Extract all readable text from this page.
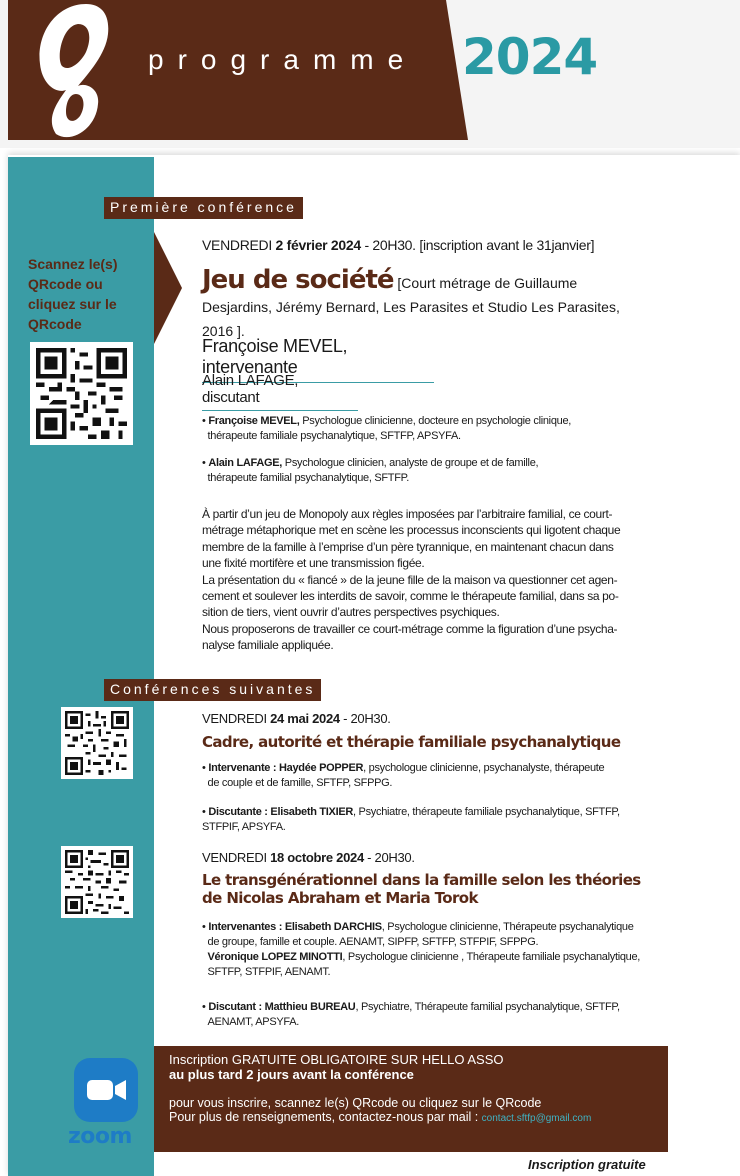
programme 2024
Première conférence
Scannez le(s) QRcode ou cliquez sur le QRcode
VENDREDI 2 février 2024 - 20H30. [inscription avant le 31janvier]
Jeu de société [Court métrage de Guillaume Desjardins, Jérémy Bernard, Les Parasites et Studio Les Parasites, 2016 ].
Françoise MEVEL, intervenante
Alain LAFAGE, discutant
• Françoise MEVEL, Psychologue clinicienne, docteure en psychologie clinique,
thérapeute familiale psychanalytique, SFTFP, APSYFA.
• Alain LAFAGE, Psychologue clinicien, analyste de groupe et de famille,
thérapeute familial psychanalytique, SFTFP.
À partir d’un jeu de Monopoly aux règles imposées par l’arbitraire familial, ce court-
métrage métaphorique met en scène les processus inconscients qui ligotent chaque
membre de la famille à l’emprise d’un père tyrannique, en maintenant chacun dans
une fixité mortifère et une transmission figée.
La présentation du « fiancé » de la jeune fille de la maison va questionner cet agen-
cement et soulever les interdits de savoir, comme le thérapeute familial, dans sa po-
sition de tiers, vient ouvrir d’autres perspectives psychiques.
Nous proposerons de travailler ce court-métrage comme la figuration d’une psycha-
nalyse familiale appliquée.
Conférences suivantes
VENDREDI 24 mai 2024 - 20H30.
Cadre, autorité et thérapie familiale psychanalytique
• Intervenante : Haydée POPPER, psychologue clinicienne, psychanalyste, thérapeute
de couple et de famille, SFTFP, SFPPG.
• Discutante : Elisabeth TIXIER, Psychiatre, thérapeute familiale psychanalytique, SFTFP,
STFPIF, APSYFA.
VENDREDI 18 octobre 2024 - 20H30.
Le transgénérationnel dans la famille selon les théories
de Nicolas Abraham et Maria Torok
• Intervenantes : Elisabeth DARCHIS, Psychologue clinicienne, Thérapeute psychanalytique
de groupe, famille et couple. AENAMT, SIPFP, SFTFP, STFPIF, SFPPG.
Véronique LOPEZ MINOTTI, Psychologue clinicienne , Thérapeute familiale psychanalytique,
SFTFP, STFPIF, AENAMT.
• Discutant : Matthieu BUREAU, Psychiatre, Thérapeute familial psychanalytique, SFTFP,
AENAMT, APSYFA.
zoom
Inscription GRATUITE OBLIGATOIRE SUR HELLO ASSO
au plus tard 2 jours avant la conférence
pour vous inscrire, scannez le(s) QRcode ou cliquez sur le QRcode
Pour plus de renseignements, contactez-nous par mail : contact.sftfp@gmail.com
Inscription gratuite
